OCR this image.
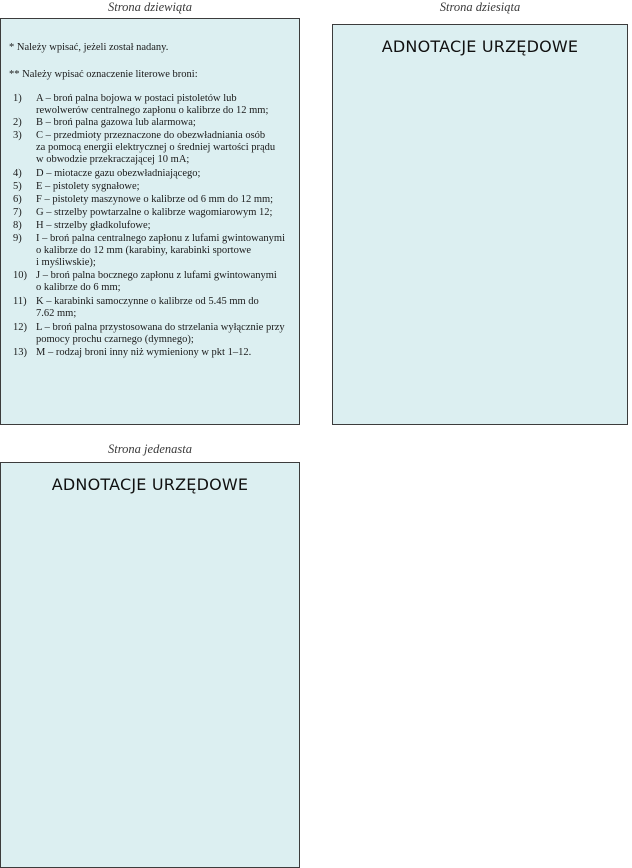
Strona dziewiąta
* Należy wpisać, jeżeli został nadany.
** Należy wpisać oznaczenie literowe broni:
1) A – broń palna bojowa w postaci pistoletów lub
rewolwerów centralnego zapłonu o kalibrze do 12 mm;
2) B – broń palna gazowa lub alarmowa;
3) C – przedmioty przeznaczone do obezwładniania osób
za pomocą energii elektrycznej o średniej wartości prądu
w obwodzie przekraczającej 10 mA;
4) D – miotacze gazu obezwładniającego;
5) E – pistolety sygnałowe;
6) F – pistolety maszynowe o kalibrze od 6 mm do 12 mm;
7) G – strzelby powtarzalne o kalibrze wagomiarowym 12;
8) H – strzelby gładkolufowe;
9) I – broń palna centralnego zapłonu z lufami gwintowanymi
o kalibrze do 12 mm (karabiny, karabinki sportowe
i myśliwskie);
10) J – broń palna bocznego zapłonu z lufami gwintowanymi
o kalibrze do 6 mm;
11) K – karabinki samoczynne o kalibrze od 5.45 mm do
7.62 mm;
12) L – broń palna przystosowana do strzelania wyłącznie przy
pomocy prochu czarnego (dymnego);
13) M – rodzaj broni inny niż wymieniony w pkt 1–12.
Strona dziesiąta
ADNOTACJE URZĘDOWE
Strona jedenasta
ADNOTACJE URZĘDOWE
